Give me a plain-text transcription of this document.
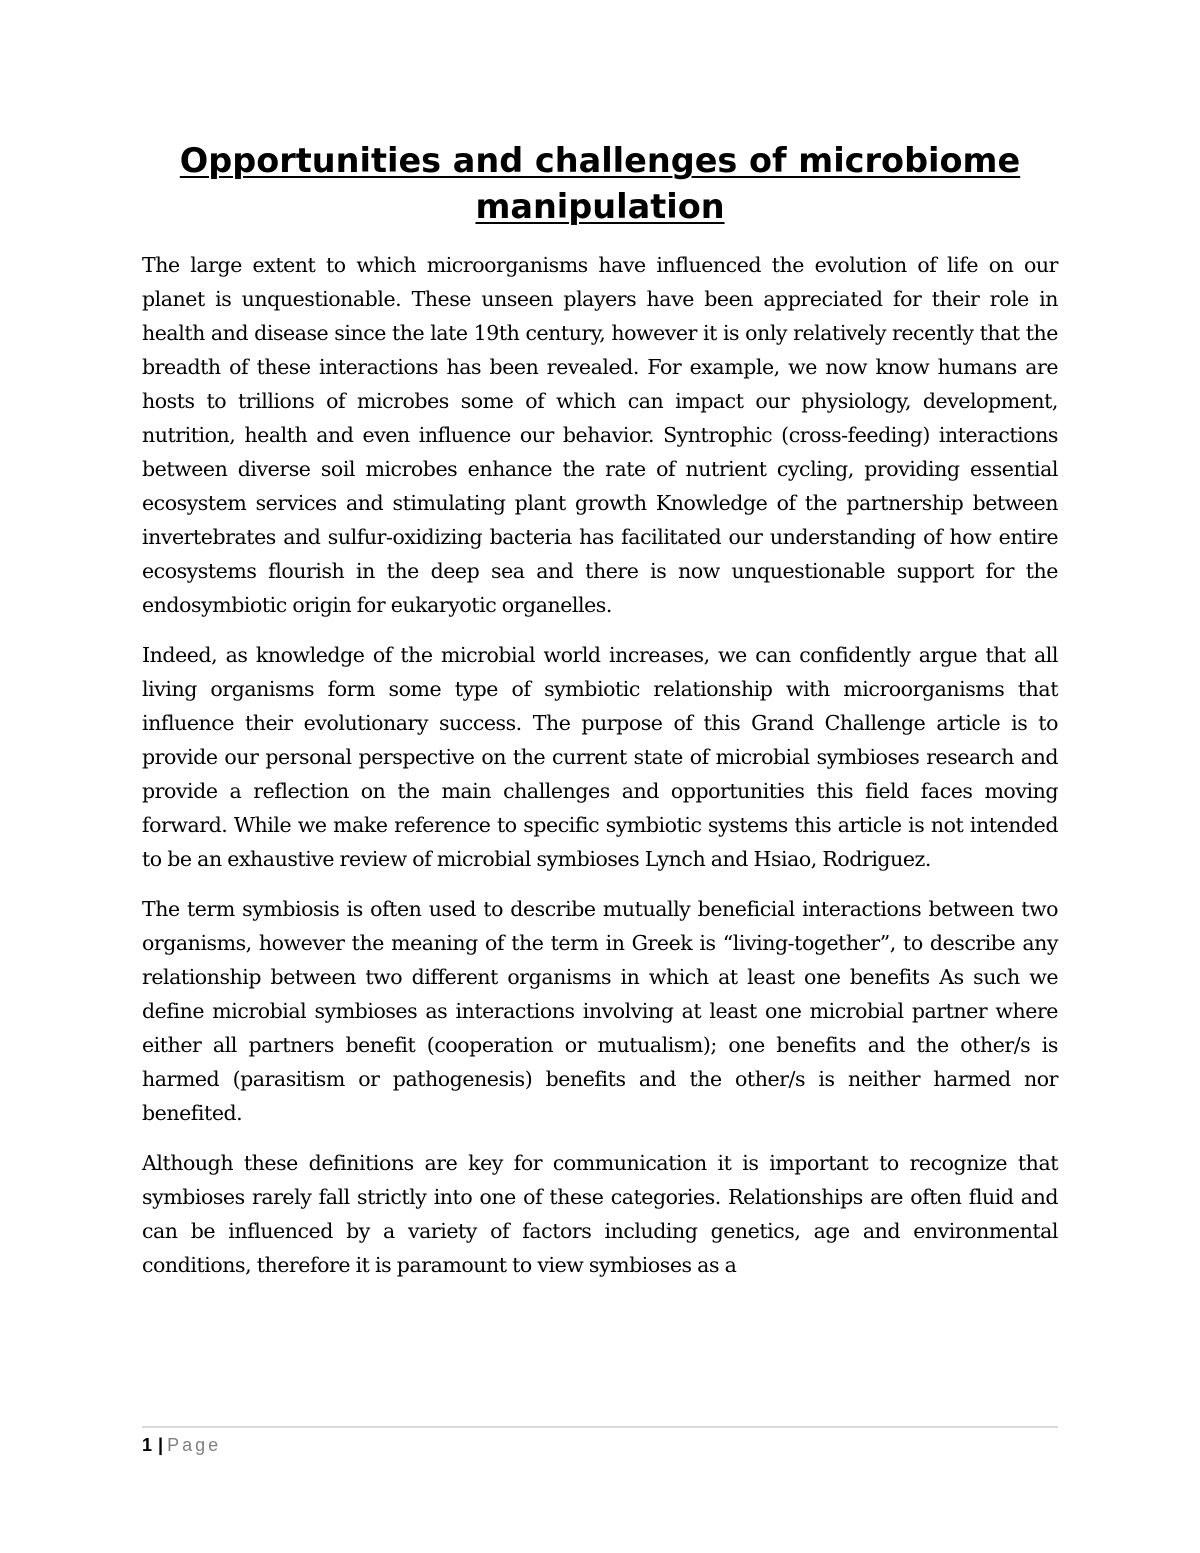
Opportunities and challenges of microbiome manipulation

The large extent to which microorganisms have influenced the evolution of life on our planet is unquestionable. These unseen players have been appreciated for their role in health and disease since the late 19th century, however it is only relatively recently that the breadth of these interactions has been revealed. For example, we now know humans are hosts to trillions of microbes some of which can impact our physiology, development, nutrition, health and even influence our behavior. Syntrophic (cross-feeding) interactions between diverse soil microbes enhance the rate of nutrient cycling, providing essential ecosystem services and stimulating plant growth Knowledge of the partnership between invertebrates and sulfur-oxidizing bacteria has facilitated our understanding of how entire ecosystems flourish in the deep sea and there is now unquestionable support for the endosymbiotic origin for eukaryotic organelles.

Indeed, as knowledge of the microbial world increases, we can confidently argue that all living organisms form some type of symbiotic relationship with microorganisms that influence their evolutionary success. The purpose of this Grand Challenge article is to provide our personal perspective on the current state of microbial symbioses research and provide a reflection on the main challenges and opportunities this field faces moving forward. While we make reference to specific symbiotic systems this article is not intended to be an exhaustive review of microbial symbioses Lynch and Hsiao, Rodriguez.

The term symbiosis is often used to describe mutually beneficial interactions between two organisms, however the meaning of the term in Greek is “living-together”, to describe any relationship between two different organisms in which at least one benefits As such we define microbial symbioses as interactions involving at least one microbial partner where either all partners benefit (cooperation or mutualism); one benefits and the other/s is harmed (parasitism or pathogenesis) benefits and the other/s is neither harmed nor benefited.

Although these definitions are key for communication it is important to recognize that symbioses rarely fall strictly into one of these categories. Relationships are often fluid and can be influenced by a variety of factors including genetics, age and environmental conditions, therefore it is paramount to view symbioses as a

1 | Page
